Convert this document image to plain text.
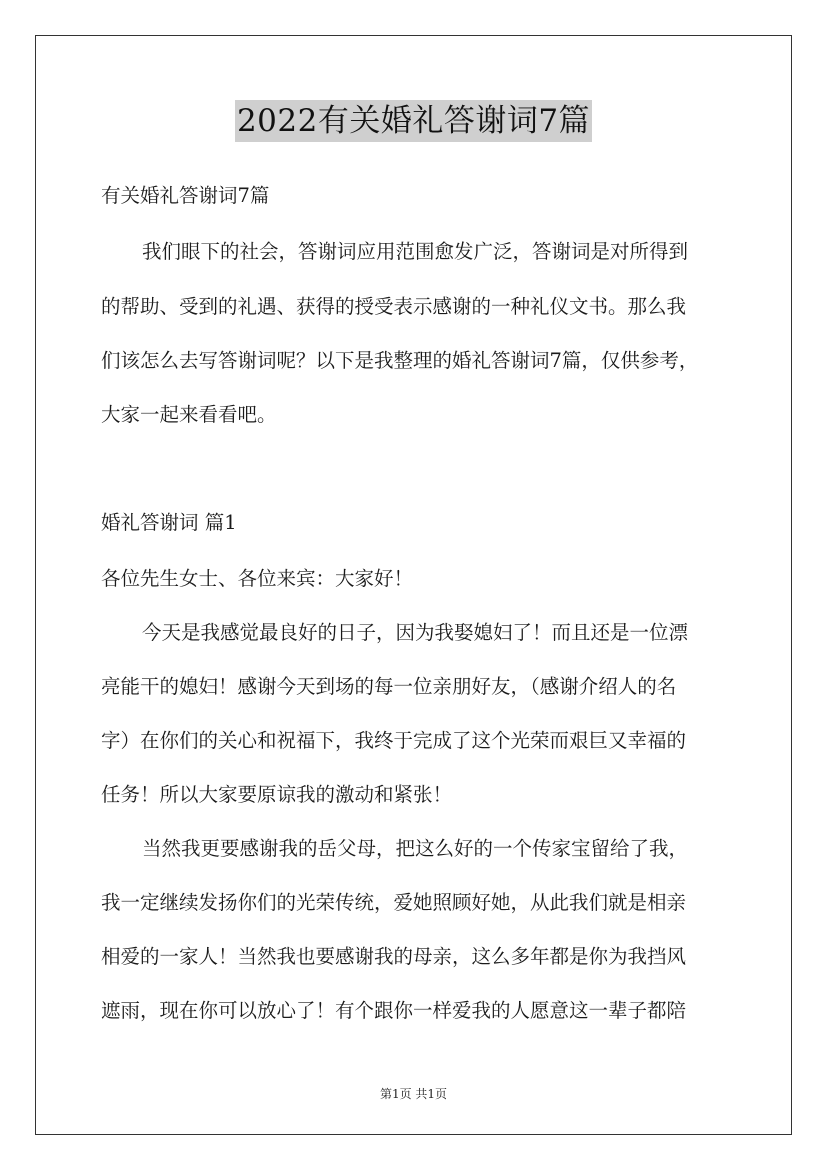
2022有关婚礼答谢词7篇
有关婚礼答谢词7篇
我们眼下的社会，答谢词应用范围愈发广泛，答谢词是对所得到
的帮助、受到的礼遇、获得的授受表示感谢的一种礼仪文书。那么我
们该怎么去写答谢词呢？以下是我整理的婚礼答谢词7篇，仅供参考，
大家一起来看看吧。
婚礼答谢词 篇1
各位先生女士、各位来宾：大家好！
今天是我感觉最良好的日子，因为我娶媳妇了！而且还是一位漂
亮能干的媳妇！感谢今天到场的每一位亲朋好友，（感谢介绍人的名
字）在你们的关心和祝福下，我终于完成了这个光荣而艰巨又幸福的
任务！所以大家要原谅我的激动和紧张！
当然我更要感谢我的岳父母，把这么好的一个传家宝留给了我，
我一定继续发扬你们的光荣传统，爱她照顾好她，从此我们就是相亲
相爱的一家人！当然我也要感谢我的母亲，这么多年都是你为我挡风
遮雨，现在你可以放心了！有个跟你一样爱我的人愿意这一辈子都陪
第1页 共1页
